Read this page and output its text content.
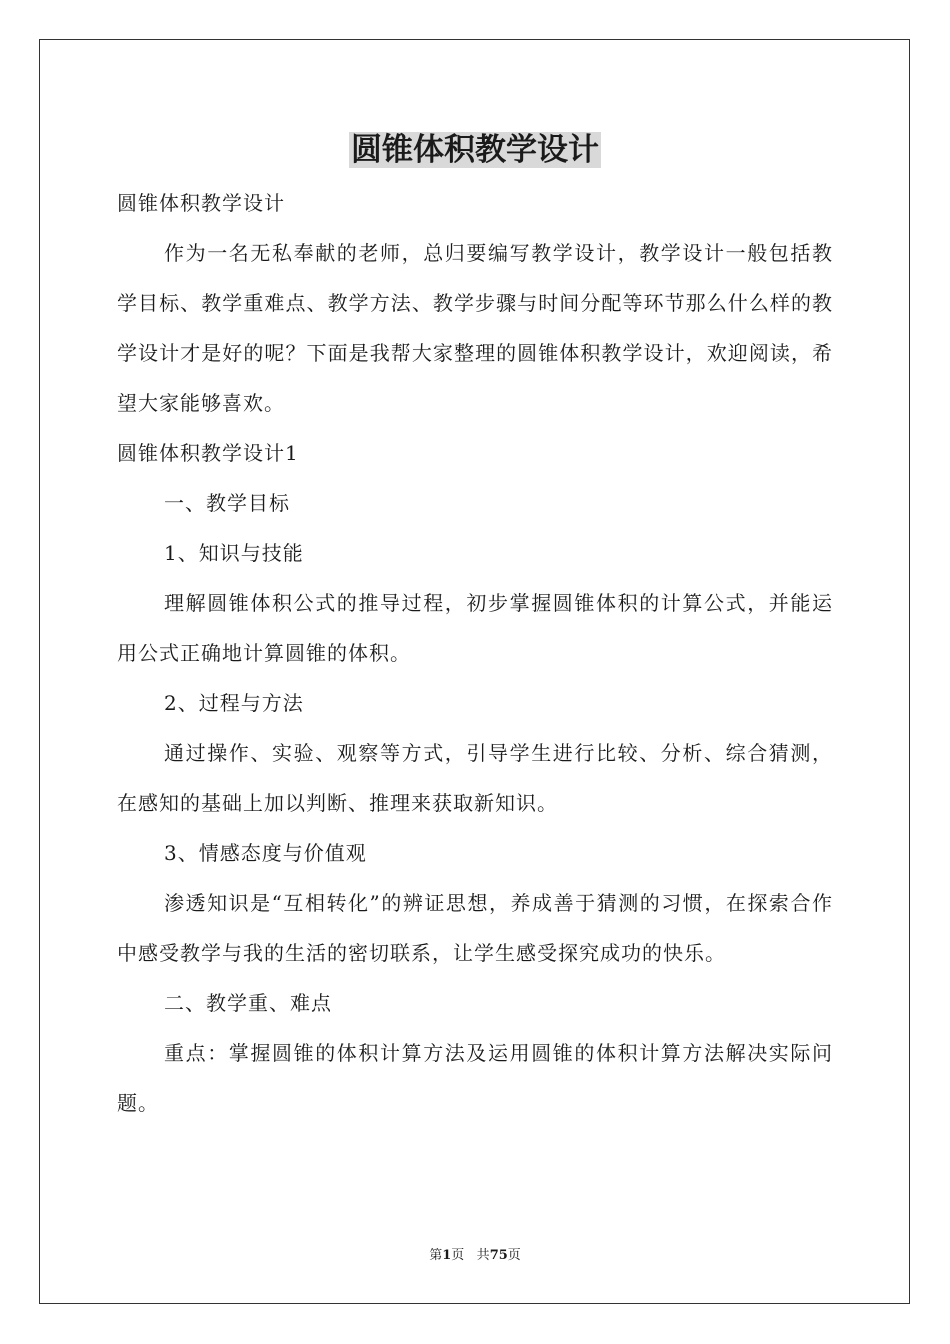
圆锥体积教学设计

圆锥体积教学设计

作为一名无私奉献的老师，总归要编写教学设计，教学设计一般包括教学目标、教学重难点、教学方法、教学步骤与时间分配等环节那么什么样的教学设计才是好的呢？下面是我帮大家整理的圆锥体积教学设计，欢迎阅读，希望大家能够喜欢。

圆锥体积教学设计1

一、教学目标

1、知识与技能

理解圆锥体积公式的推导过程，初步掌握圆锥体积的计算公式，并能运用公式正确地计算圆锥的体积。

2、过程与方法

通过操作、实验、观察等方式，引导学生进行比较、分析、综合猜测，在感知的基础上加以判断、推理来获取新知识。

3、情感态度与价值观

渗透知识是“互相转化”的辨证思想，养成善于猜测的习惯，在探索合作中感受教学与我的生活的密切联系，让学生感受探究成功的快乐。

二、教学重、难点

重点：掌握圆锥的体积计算方法及运用圆锥的体积计算方法解决实际问题。

第1页 共75页
